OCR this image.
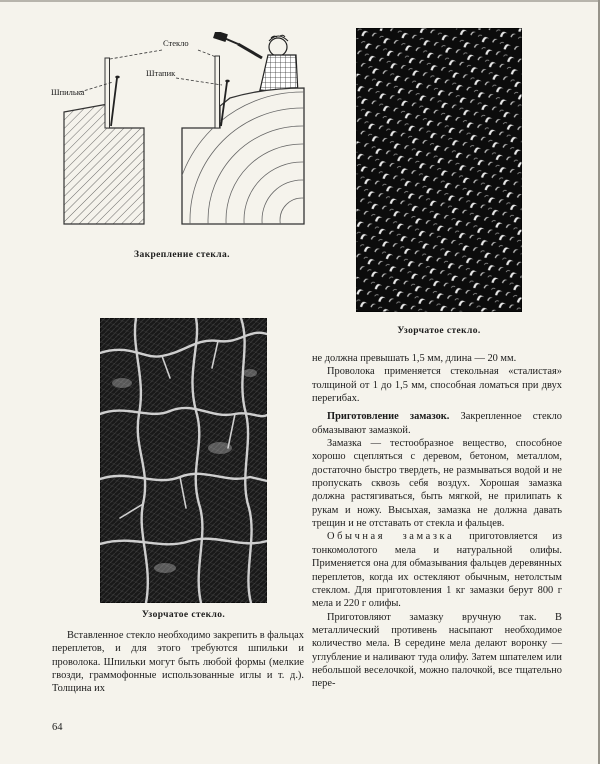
Стекло
Шпилька
Штапик
Закрепление стекла.
Узорчатое стекло.
Узорчатое стекло.

Вставленное стекло необходимо закрепить в фальцах переплетов, и для этого требуются шпильки и проволока. Шпильки могут быть любой формы (мелкие гвозди, граммофонные использованные иглы и т. д.). Толщина их

не должна превышать 1,5 мм, длина — 20 мм.

Проволока применяется стекольная «сталистая» толщиной от 1 до 1,5 мм, способная ломаться при двух перегибах.

Приготовление замазок. Закрепленное стекло обмазывают замазкой.

Замазка — тестообразное вещество, способное хорошо сцепляться с деревом, бетоном, металлом, достаточно быстро твердеть, не размываться водой и не пропускать сквозь себя воздух. Хорошая замазка должна растягиваться, быть мягкой, не прилипать к рукам и ножу. Высыхая, замазка не должна давать трещин и не отставать от стекла и фальцев.

Обычная замазка приготовляется из тонкомолотого мела и натуральной олифы. Применяется она для обмазывания фальцев деревянных переплетов, когда их остекляют обычным, нетолстым стеклом. Для приготовления 1 кг замазки берут 800 г мела и 220 г олифы.

Приготовляют замазку вручную так. В металлический противень насыпают необходимое количество мела. В середине мела делают воронку — углубление и наливают туда олифу. Затем шпателем или небольшой веселочкой, можно палочкой, все тщательно пере-

64
